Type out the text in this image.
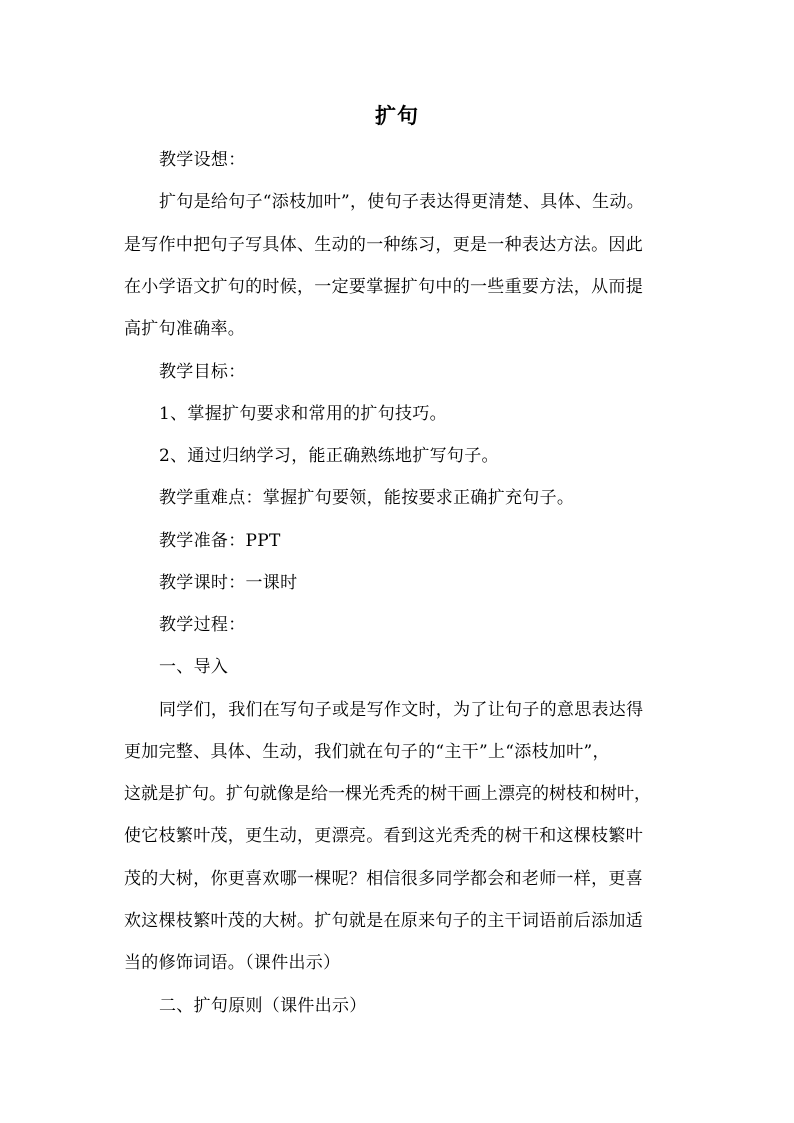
扩句
教学设想：
扩句是给句子“添枝加叶”，使句子表达得更清楚、具体、生动。
是写作中把句子写具体、生动的一种练习，更是一种表达方法。因此
在小学语文扩句的时候，一定要掌握扩句中的一些重要方法，从而提
高扩句准确率。
教学目标：
1、掌握扩句要求和常用的扩句技巧。
2、通过归纳学习，能正确熟练地扩写句子。
教学重难点：掌握扩句要领，能按要求正确扩充句子。
教学准备：PPT
教学课时：一课时
教学过程：
一、导入
同学们，我们在写句子或是写作文时，为了让句子的意思表达得
更加完整、具体、生动，我们就在句子的“主干”上“添枝加叶”，
这就是扩句。扩句就像是给一棵光秃秃的树干画上漂亮的树枝和树叶，
使它枝繁叶茂，更生动，更漂亮。看到这光秃秃的树干和这棵枝繁叶
茂的大树，你更喜欢哪一棵呢？相信很多同学都会和老师一样，更喜
欢这棵枝繁叶茂的大树。扩句就是在原来句子的主干词语前后添加适
当的修饰词语。（课件出示）
二、扩句原则（课件出示）
